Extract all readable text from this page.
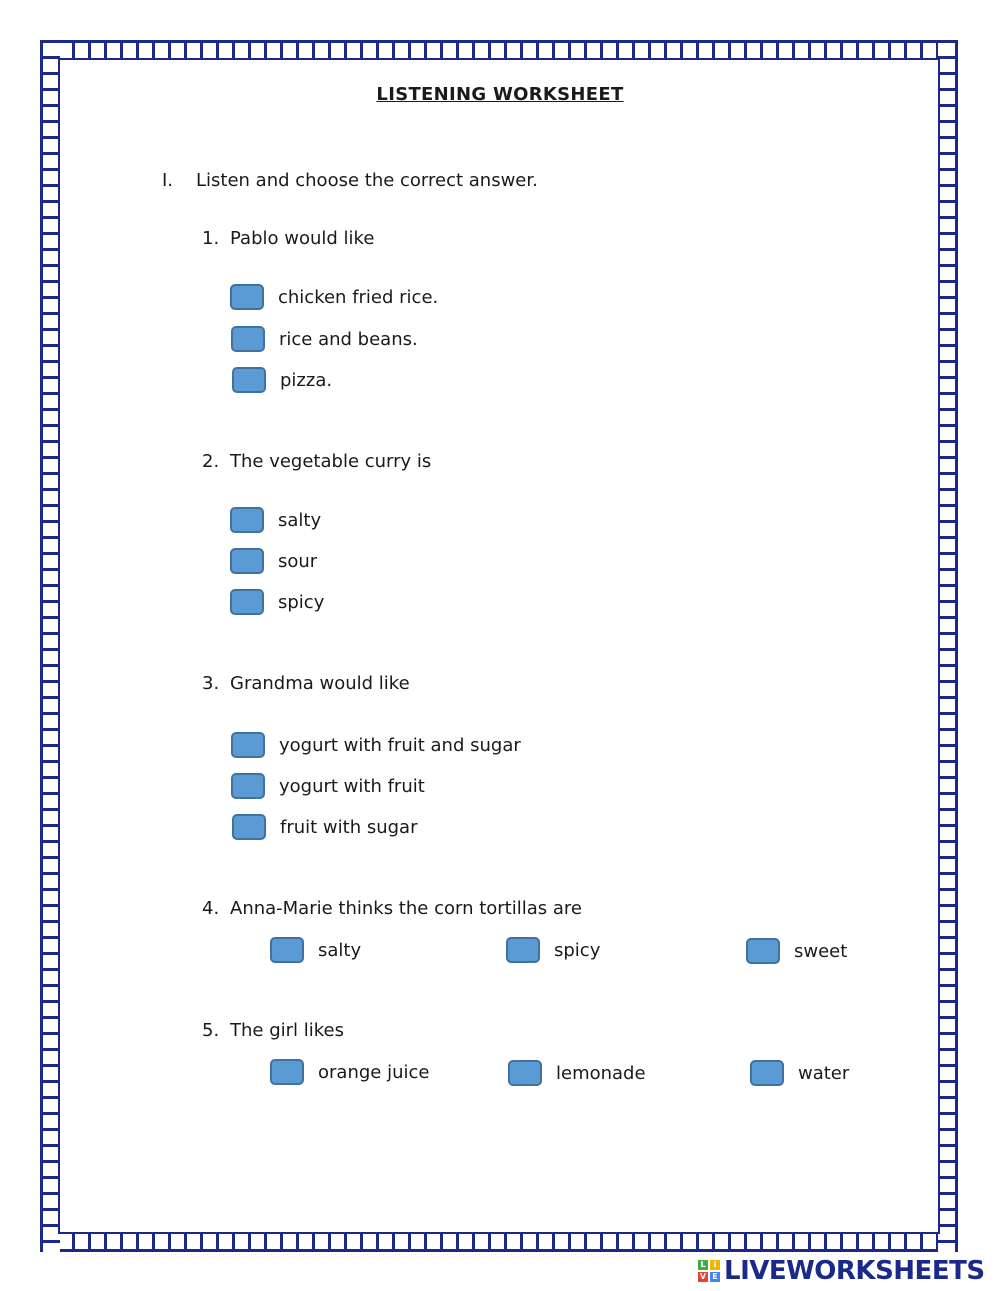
LISTENING WORKSHEET
I. Listen and choose the correct answer.
1. Pablo would like
chicken fried rice.
rice and beans.
pizza.
2. The vegetable curry is
salty
sour
spicy
3. Grandma would like
yogurt with fruit and sugar
yogurt with fruit
fruit with sugar
4. Anna-Marie thinks the corn tortillas are
salty	spicy	sweet
5. The girl likes
orange juice	lemonade	water
L I
V E LIVEWORKSHEETS
